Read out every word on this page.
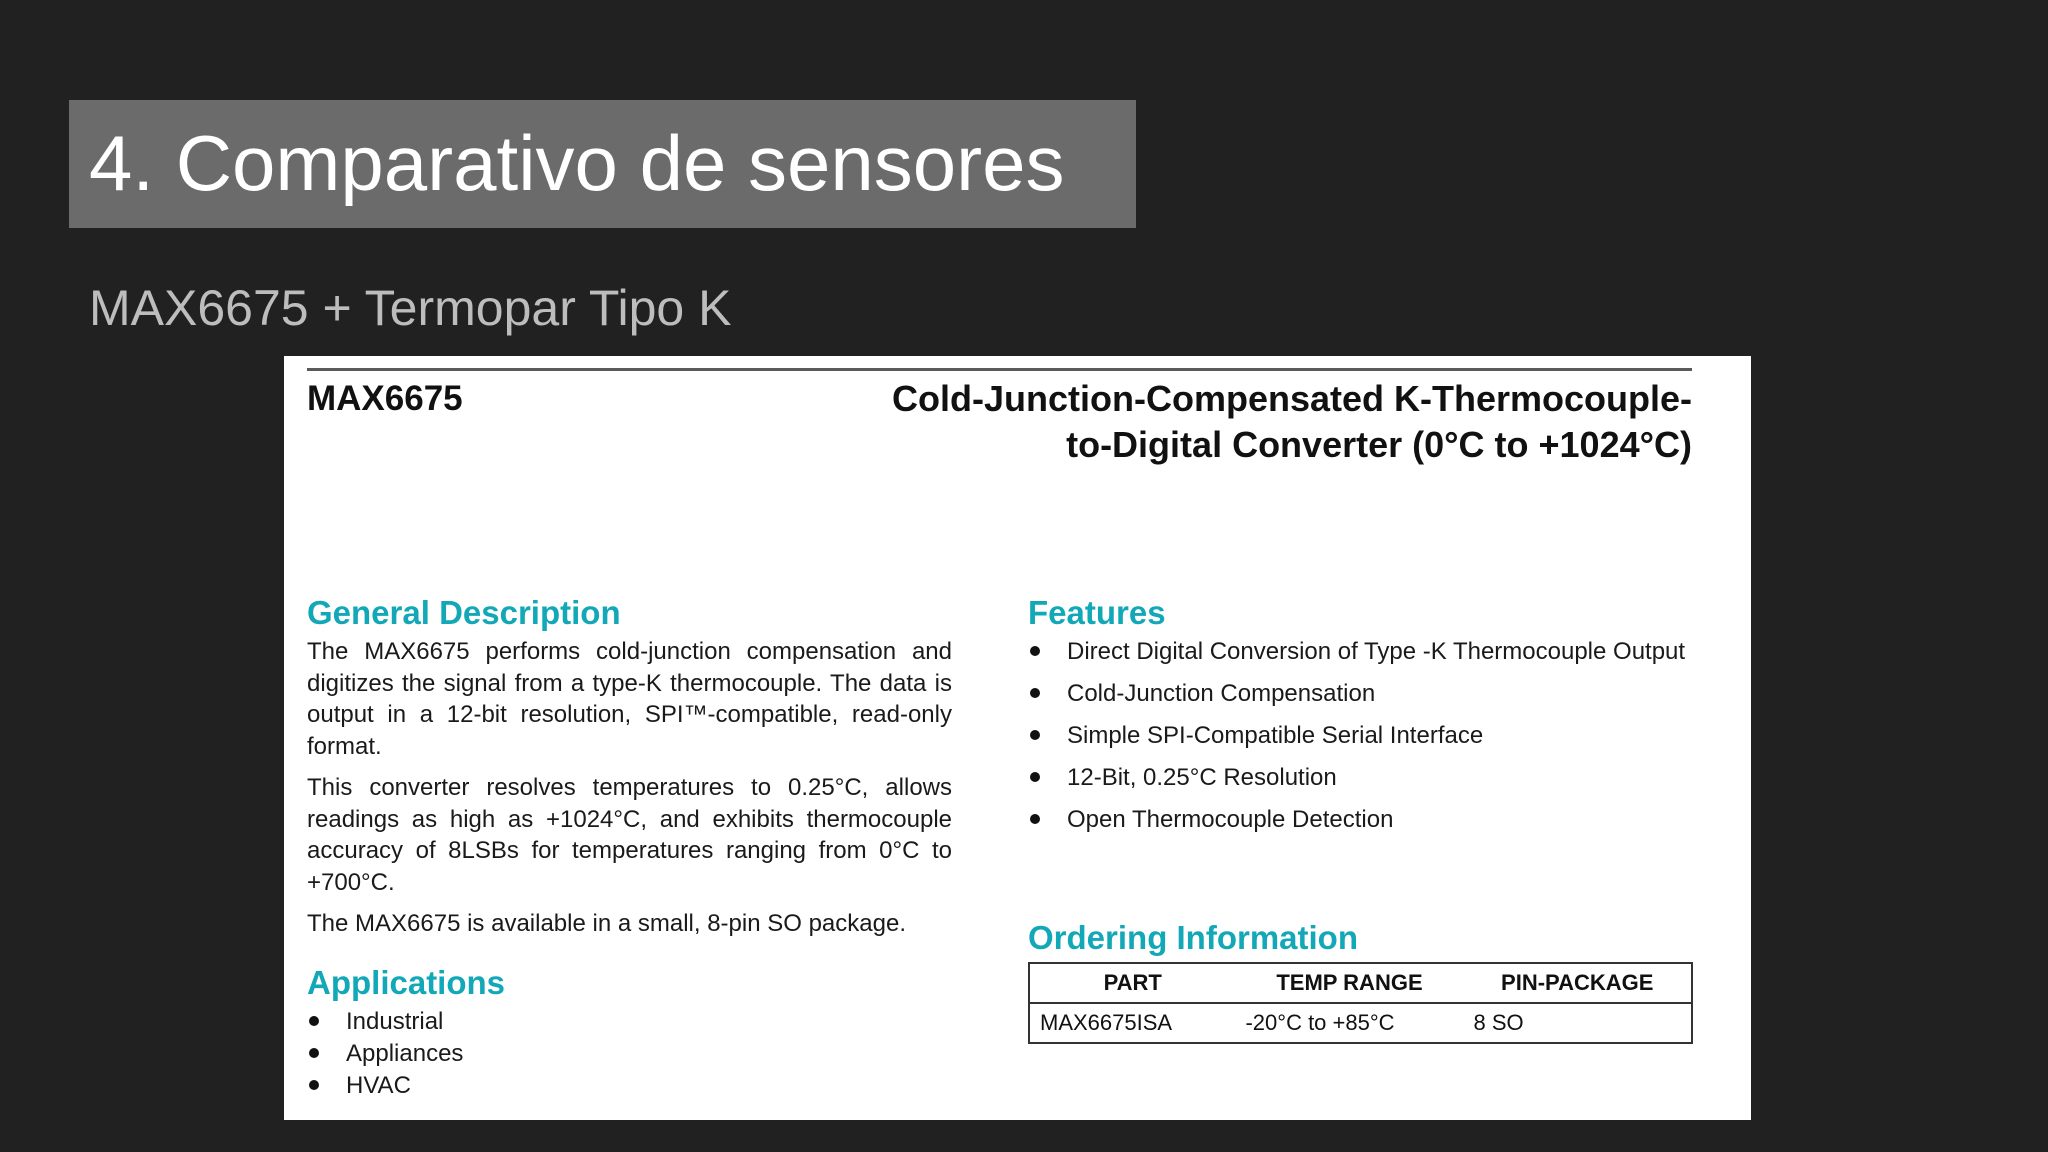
4. Comparativo de sensores

MAX6675 + Termopar Tipo K

MAX6675	Cold-Junction-Compensated K-Thermocouple-
to-Digital Converter (0°C to +1024°C)
General Description

The MAX6675 performs cold-junction compensation and digitizes the signal from a type-K thermocouple. The data is output in a 12-bit resolution, SPI™-compatible, read-only format.

This converter resolves temperatures to 0.25°C, allows readings as high as +1024°C, and exhibits thermocouple accuracy of 8LSBs for temperatures ranging from 0°C to +700°C.

The MAX6675 is available in a small, 8-pin SO package.

Applications
Industrial
Appliances
HVAC
Features
Direct Digital Conversion of Type -K Thermocouple Output
Cold-Junction Compensation
Simple SPI-Compatible Serial Interface
12-Bit, 0.25°C Resolution
Open Thermocouple Detection
Ordering Information
PART	TEMP RANGE	PIN-PACKAGE
MAX6675ISA	-20°C to +85°C	8 SO
